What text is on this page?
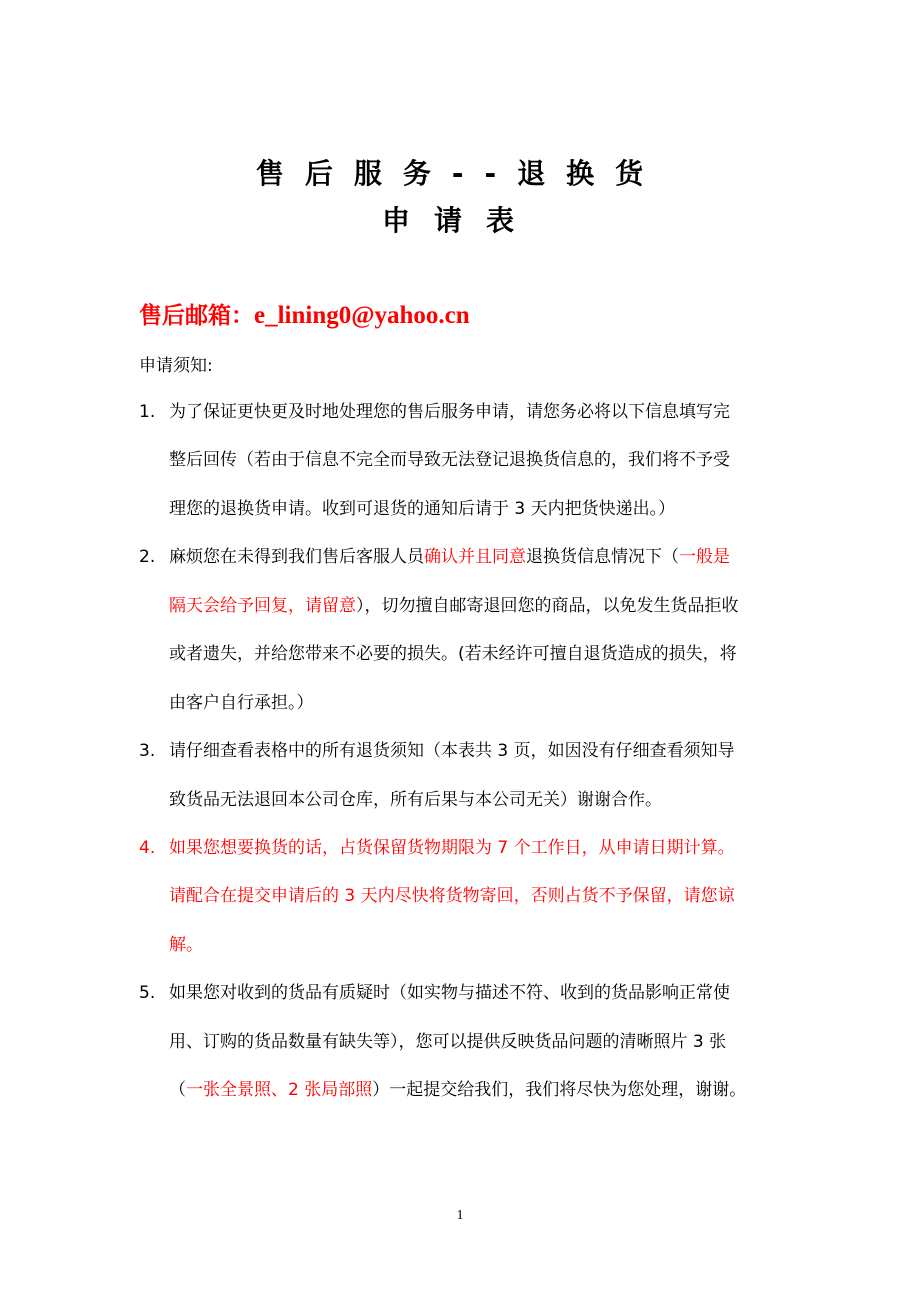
售后服务--退换货
申请表
售后邮箱：e_lining0@yahoo.cn
申请须知:
1. 为了保证更快更及时地处理您的售后服务申请，请您务必将以下信息填写完
整后回传（若由于信息不完全而导致无法登记退换货信息的，我们将不予受
理您的退换货申请。收到可退货的通知后请于 3 天内把货快递出。）
2. 麻烦您在未得到我们售后客服人员确认并且同意退换货信息情况下（一般是
隔天会给予回复，请留意），切勿擅自邮寄退回您的商品，以免发生货品拒收
或者遗失，并给您带来不必要的损失。(若未经许可擅自退货造成的损失，将
由客户自行承担。）
3. 请仔细查看表格中的所有退货须知（本表共 3 页，如因没有仔细查看须知导
致货品无法退回本公司仓库，所有后果与本公司无关）谢谢合作。
4. 如果您想要换货的话，占货保留货物期限为 7 个工作日，从申请日期计算。
请配合在提交申请后的 3 天内尽快将货物寄回，否则占货不予保留，请您谅
解。
5. 如果您对收到的货品有质疑时（如实物与描述不符、收到的货品影响正常使
用、订购的货品数量有缺失等），您可以提供反映货品问题的清晰照片 3 张
（一张全景照、2 张局部照）一起提交给我们，我们将尽快为您处理，谢谢。
1
